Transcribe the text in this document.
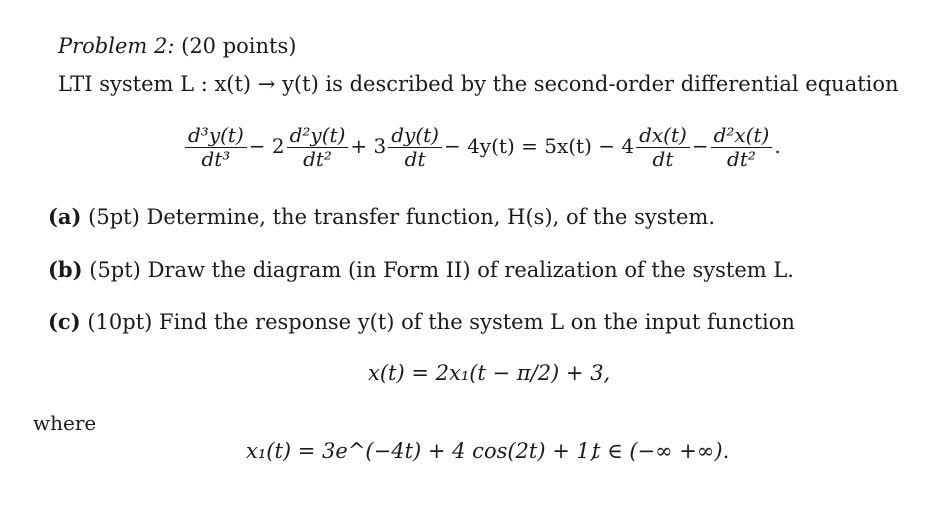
Problem 2: (20 points)
LTI system L : x(t) → y(t) is described by the second-order differential equation
$\frac{\text{d³y(t)}}{\text{dt³}} - 2 \frac{\text{d²y(t)}}{\text{dt²}} + 3 \frac{dy(t)}{dt} - 4y(t) = 5x(t) - 4 \frac{dx(t)}{dt} - \frac{\text{d²x(t)}}{\text{dt²}}$ .
(a) (5pt) Determine, the transfer function, H(s), of the system.
(b) (5pt) Draw the diagram (in Form II) of realization of the system L.
(c) (10pt) Find the response y(t) of the system L on the input function
x(t) = 2x₁(t − π/2) + 3,
where
x₁(t) = 3e^(−4t) + 4 cos(2t) + 1,
t ∈ (−∞ +∞).
